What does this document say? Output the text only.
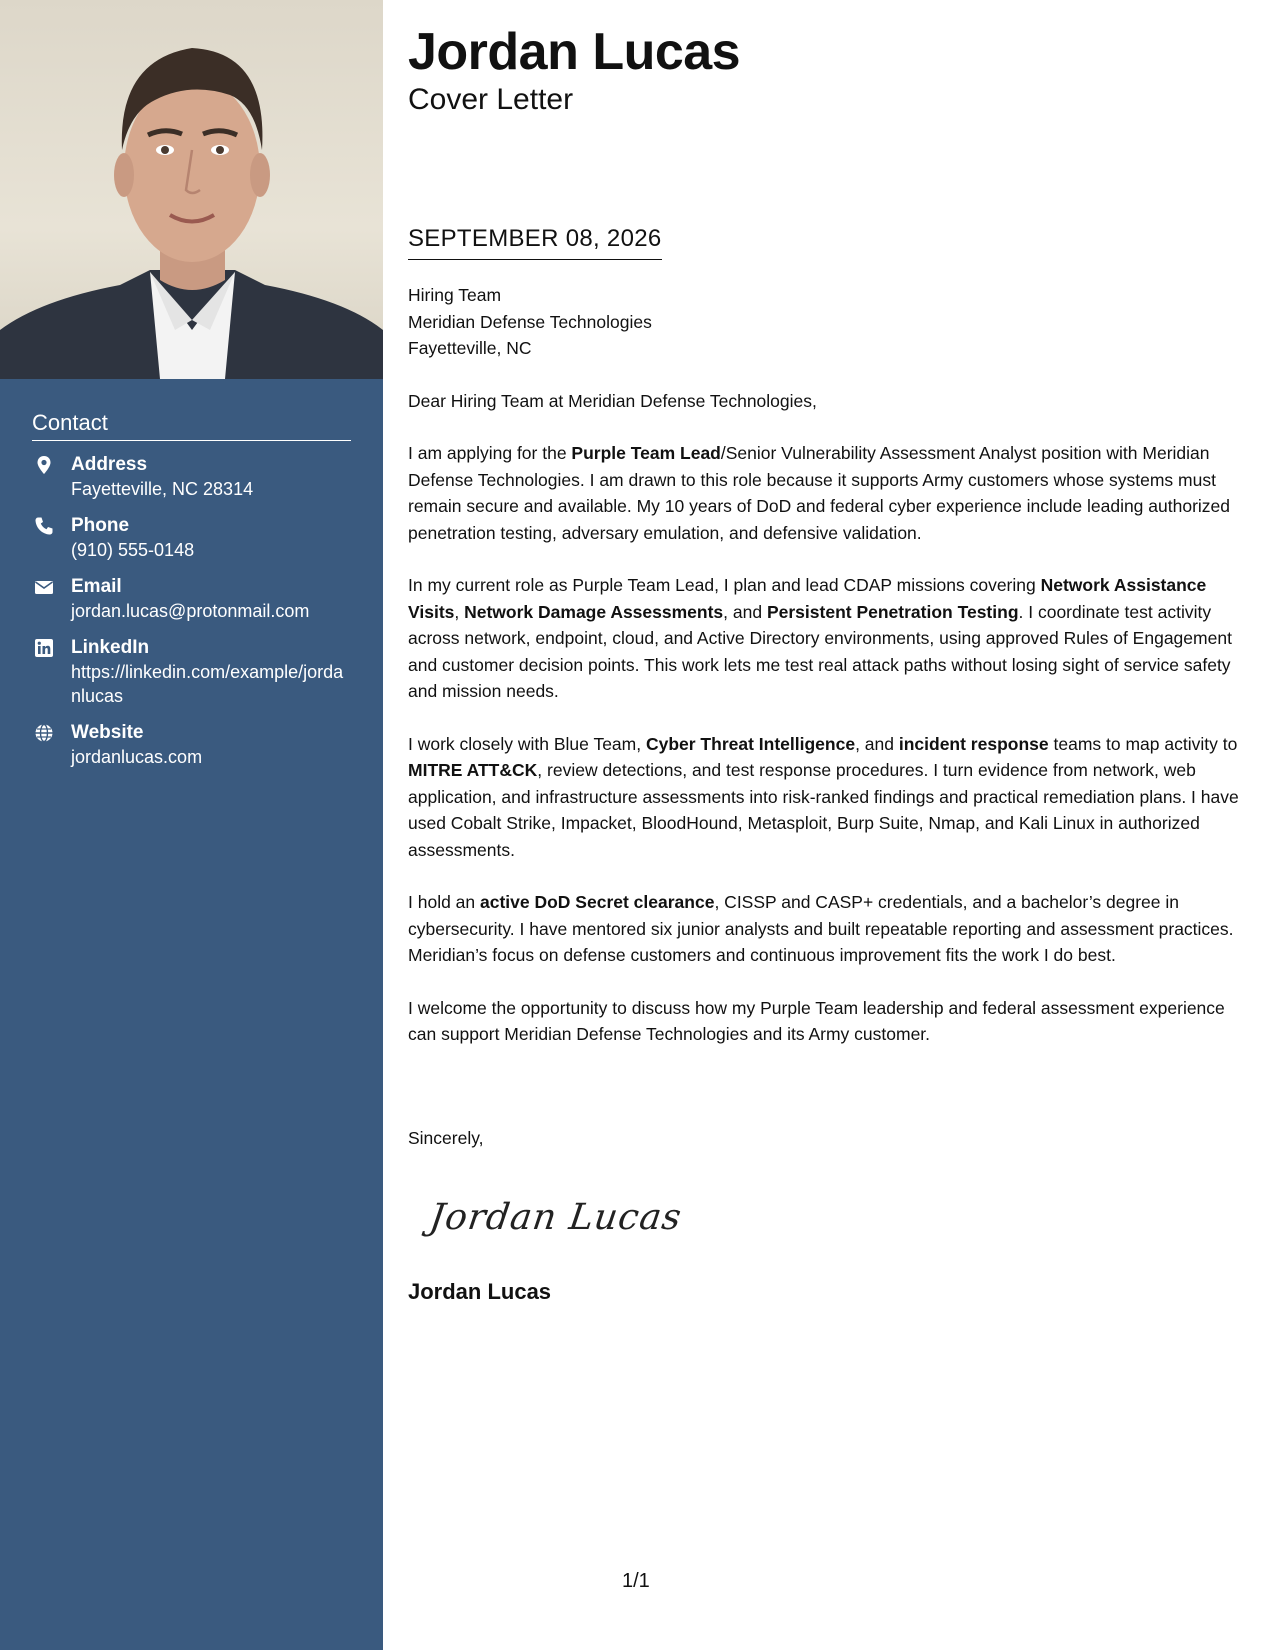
Contact
Address
Fayetteville, NC 28314
Phone
(910) 555-0148
Email
jordan.lucas@protonmail.com
LinkedIn
https://linkedin.com/example/jordanlucas
Website
jordanlucas.com
Jordan Lucas
Cover Letter
SEPTEMBER 08, 2026

Hiring Team
Meridian Defense Technologies
Fayetteville, NC

Dear Hiring Team at Meridian Defense Technologies,

I am applying for the Purple Team Lead/Senior Vulnerability Assessment Analyst position with Meridian Defense Technologies. I am drawn to this role because it supports Army customers whose systems must remain secure and available. My 10 years of DoD and federal cyber experience include leading authorized penetration testing, adversary emulation, and defensive validation.

In my current role as Purple Team Lead, I plan and lead CDAP missions covering Network Assistance Visits, Network Damage Assessments, and Persistent Penetration Testing. I coordinate test activity across network, endpoint, cloud, and Active Directory environments, using approved Rules of Engagement and customer decision points. This work lets me test real attack paths without losing sight of service safety and mission needs.

I work closely with Blue Team, Cyber Threat Intelligence, and incident response teams to map activity to MITRE ATT&CK, review detections, and test response procedures. I turn evidence from network, web application, and infrastructure assessments into risk-ranked findings and practical remediation plans. I have used Cobalt Strike, Impacket, BloodHound, Metasploit, Burp Suite, Nmap, and Kali Linux in authorized assessments.

I hold an active DoD Secret clearance, CISSP and CASP+ credentials, and a bachelor’s degree in cybersecurity. I have mentored six junior analysts and built repeatable reporting and assessment practices. Meridian’s focus on defense customers and continuous improvement fits the work I do best.

I welcome the opportunity to discuss how my Purple Team leadership and federal assessment experience can support Meridian Defense Technologies and its Army customer.

Sincerely,
Jordan Lucas
Jordan Lucas
1/1
